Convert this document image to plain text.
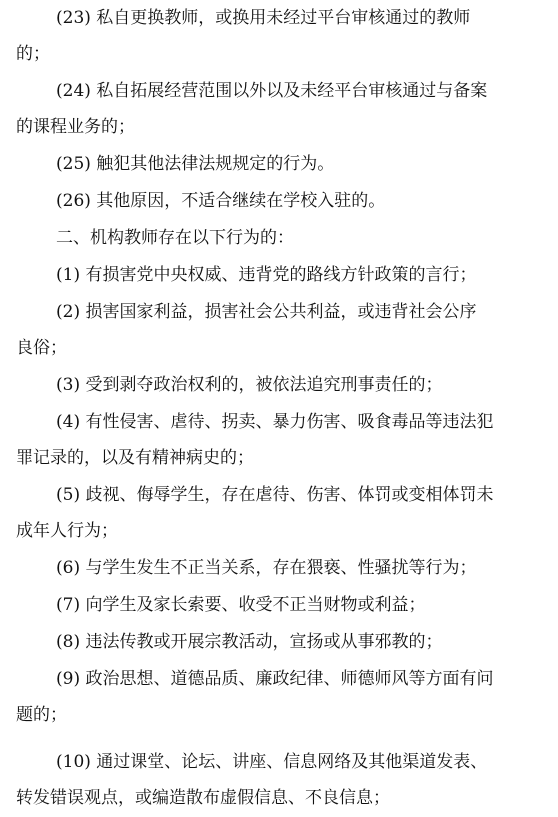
(23) 私自更换教师，或换用未经过平台审核通过的教师
的；
(24) 私自拓展经营范围以外以及未经平台审核通过与备案
的课程业务的；
(25) 触犯其他法律法规规定的行为。
(26) 其他原因，不适合继续在学校入驻的。
二、机构教师存在以下行为的：
(1) 有损害党中央权威、违背党的路线方针政策的言行；
(2) 损害国家利益，损害社会公共利益，或违背社会公序
良俗；
(3) 受到剥夺政治权利的，被依法追究刑事责任的；
(4) 有性侵害、虐待、拐卖、暴力伤害、吸食毒品等违法犯
罪记录的，以及有精神病史的；
(5) 歧视、侮辱学生，存在虐待、伤害、体罚或变相体罚未
成年人行为；
(6) 与学生发生不正当关系，存在猥亵、性骚扰等行为；
(7) 向学生及家长索要、收受不正当财物或利益；
(8) 违法传教或开展宗教活动，宣扬或从事邪教的；
(9) 政治思想、道德品质、廉政纪律、师德师风等方面有问
题的；
(10) 通过课堂、论坛、讲座、信息网络及其他渠道发表、
转发错误观点，或编造散布虚假信息、不良信息；
